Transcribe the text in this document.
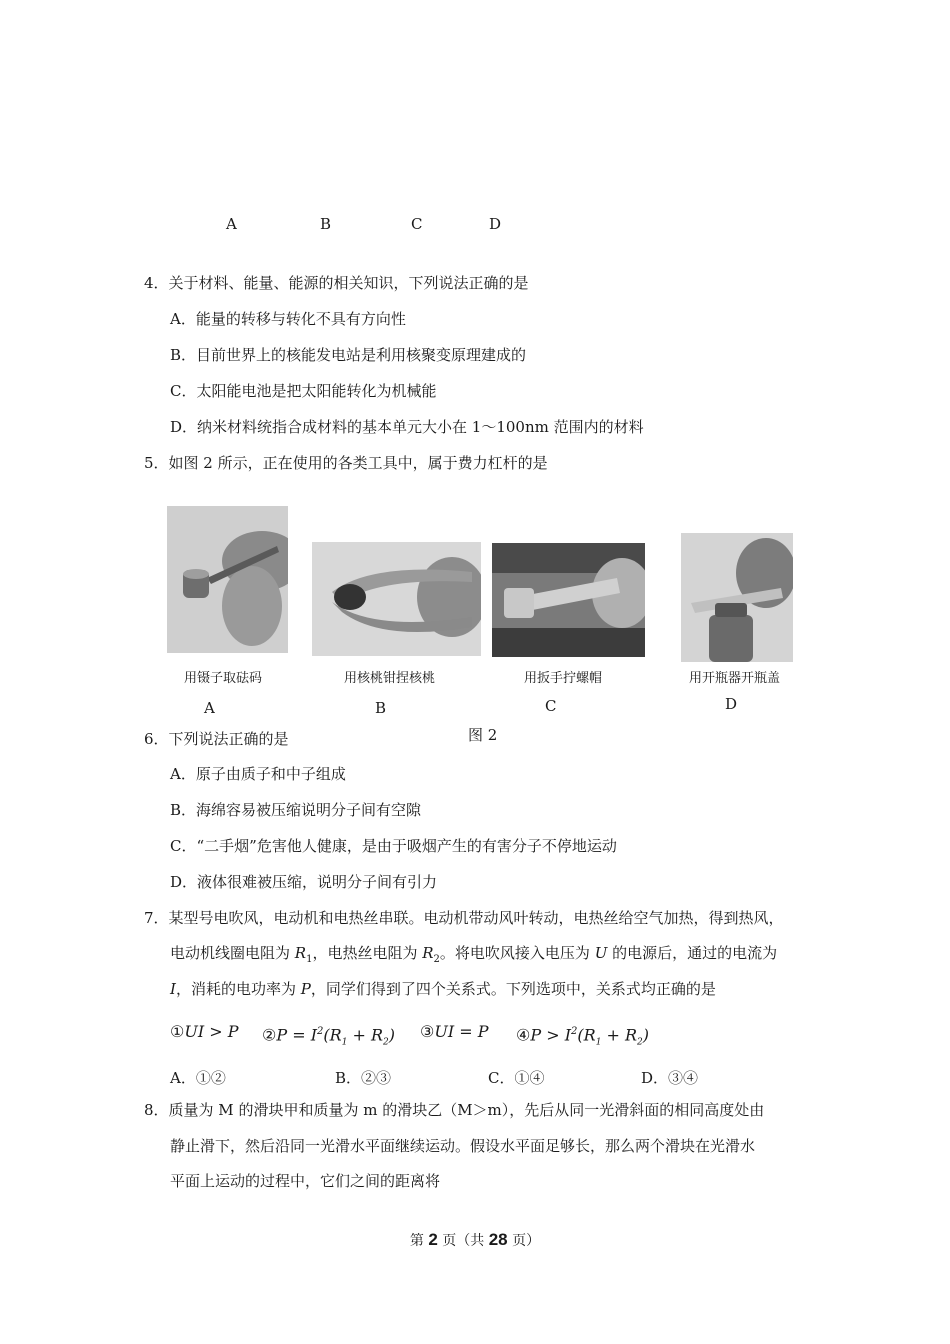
A	B	C	D
4．关于材料、能量、能源的相关知识，下列说法正确的是
A．能量的转移与转化不具有方向性
B．目前世界上的核能发电站是利用核聚变原理建成的
C．太阳能电池是把太阳能转化为机械能
D．纳米材料统指合成材料的基本单元大小在 1～100nm 范围内的材料
5．如图 2 所示，正在使用的各类工具中，属于费力杠杆的是
用镊子取砝码	用核桃钳捏核桃	用扳手拧螺帽	用开瓶器开瓶盖
A	B	C	D
图 2
6．下列说法正确的是
A．原子由质子和中子组成
B．海绵容易被压缩说明分子间有空隙
C．“二手烟”危害他人健康，是由于吸烟产生的有害分子不停地运动
D．液体很难被压缩，说明分子间有引力
7．某型号电吹风，电动机和电热丝串联。电动机带动风叶转动，电热丝给空气加热，得到热风，
电动机线圈电阻为 $R_1$，电热丝电阻为 $R_2$。将电吹风接入电压为 U 的电源后，通过的电流为
I，消耗的电功率为 P，同学们得到了四个关系式。下列选项中，关系式均正确的是
①UI > P ②P = $I^2(R_1 + R_2)$ ③UI = P ④P > $I^2(R_1 + R_2)$
A．①②	B．②③	C．①④	D．③④
8．质量为 M 的滑块甲和质量为 m 的滑块乙（M＞m），先后从同一光滑斜面的相同高度处由
静止滑下，然后沿同一光滑水平面继续运动。假设水平面足够长，那么两个滑块在光滑水
平面上运动的过程中，它们之间的距离将
第 2 页（共 28 页）
